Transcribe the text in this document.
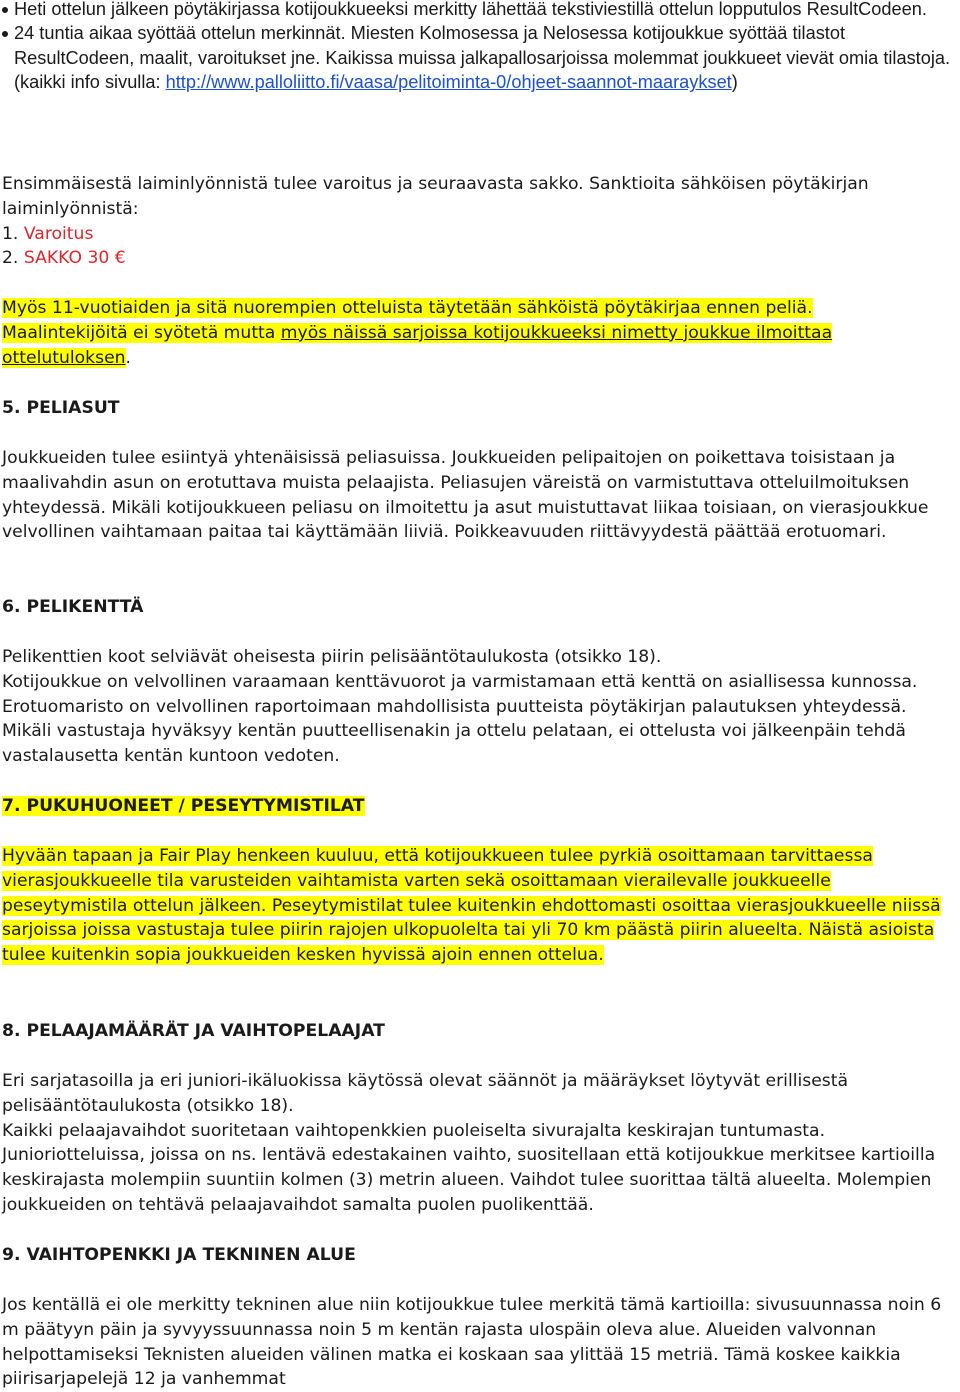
Heti ottelun jälkeen pöytäkirjassa kotijoukkueeksi merkitty lähettää tekstiviestillä ottelun lopputulos ResultCodeen.
24 tuntia aikaa syöttää ottelun merkinnät. Miesten Kolmosessa ja Nelosessa kotijoukkue syöttää tilastot ResultCodeen, maalit, varoitukset jne. Kaikissa muissa jalkapallosarjoissa molemmat joukkueet vievät omia tilastoja. (kaikki info sivulla: http://www.palloliitto.fi/vaasa/pelitoiminta-0/ohjeet-saannot-maaraykset)

Ensimmäisestä laiminlyönnistä tulee varoitus ja seuraavasta sakko. Sanktioita sähköisen pöytäkirjan laiminlyönnistä:

1. Varoitus

2. SAKKO 30 €

Myös 11-vuotiaiden ja sitä nuorempien otteluista täytetään sähköistä pöytäkirjaa ennen peliä.

Maalintekijöitä ei syötetä mutta myös näissä sarjoissa kotijoukkueeksi nimetty joukkue ilmoittaa ottelutuloksen.

5. PELIASUT
Joukkueiden tulee esiintyä yhtenäisissä peliasuissa. Joukkueiden pelipaitojen on poikettava toisistaan ja maalivahdin asun on erotuttava muista pelaajista. Peliasujen väreistä on varmistuttava otteluilmoituksen yhteydessä. Mikäli kotijoukkueen peliasu on ilmoitettu ja asut muistuttavat liikaa toisiaan, on vierasjoukkue velvollinen vaihtamaan paitaa tai käyttämään liiviä. Poikkeavuuden riittävyydestä päättää erotuomari.
6. PELIKENTTÄ

Pelikenttien koot selviävät oheisesta piirin pelisääntötaulukosta (otsikko 18).

Kotijoukkue on velvollinen varaamaan kenttävuorot ja varmistamaan että kenttä on asiallisessa kunnossa. Erotuomaristo on velvollinen raportoimaan mahdollisista puutteista pöytäkirjan palautuksen yhteydessä. Mikäli vastustaja hyväksyy kentän puutteellisenakin ja ottelu pelataan, ei ottelusta voi jälkeenpäin tehdä vastalausetta kentän kuntoon vedoten.

7. PUKUHUONEET / PESEYTYMISTILAT
Hyvään tapaan ja Fair Play henkeen kuuluu, että kotijoukkueen tulee pyrkiä osoittamaan tarvittaessa vierasjoukkueelle tila varusteiden vaihtamista varten sekä osoittamaan vierailevalle joukkueelle peseytymistila ottelun jälkeen. Peseytymistilat tulee kuitenkin ehdottomasti osoittaa vierasjoukkueelle niissä sarjoissa joissa vastustaja tulee piirin rajojen ulkopuolelta tai yli 70 km päästä piirin alueelta. Näistä asioista tulee kuitenkin sopia joukkueiden kesken hyvissä ajoin ennen ottelua.
8. PELAAJAMÄÄRÄT JA VAIHTOPELAAJAT

Eri sarjatasoilla ja eri juniori-ikäluokissa käytössä olevat säännöt ja määräykset löytyvät erillisestä pelisääntötaulukosta (otsikko 18).

Kaikki pelaajavaihdot suoritetaan vaihtopenkkien puoleiselta sivurajalta keskirajan tuntumasta. Junioriotteluissa, joissa on ns. lentävä edestakainen vaihto, suositellaan että kotijoukkue merkitsee kartioilla keskirajasta molempiin suuntiin kolmen (3) metrin alueen. Vaihdot tulee suorittaa tältä alueelta. Molempien joukkueiden on tehtävä pelaajavaihdot samalta puolen puolikenttää.

9. VAIHTOPENKKI JA TEKNINEN ALUE
Jos kentällä ei ole merkitty tekninen alue niin kotijoukkue tulee merkitä tämä kartioilla: sivusuunnassa noin 6 m päätyyn päin ja syvyyssuunnassa noin 5 m kentän rajasta ulospäin oleva alue. Alueiden valvonnan helpottamiseksi Teknisten alueiden välinen matka ei koskaan saa ylittää 15 metriä. Tämä koskee kaikkia piirisarjapelejä 12 ja vanhemmat
